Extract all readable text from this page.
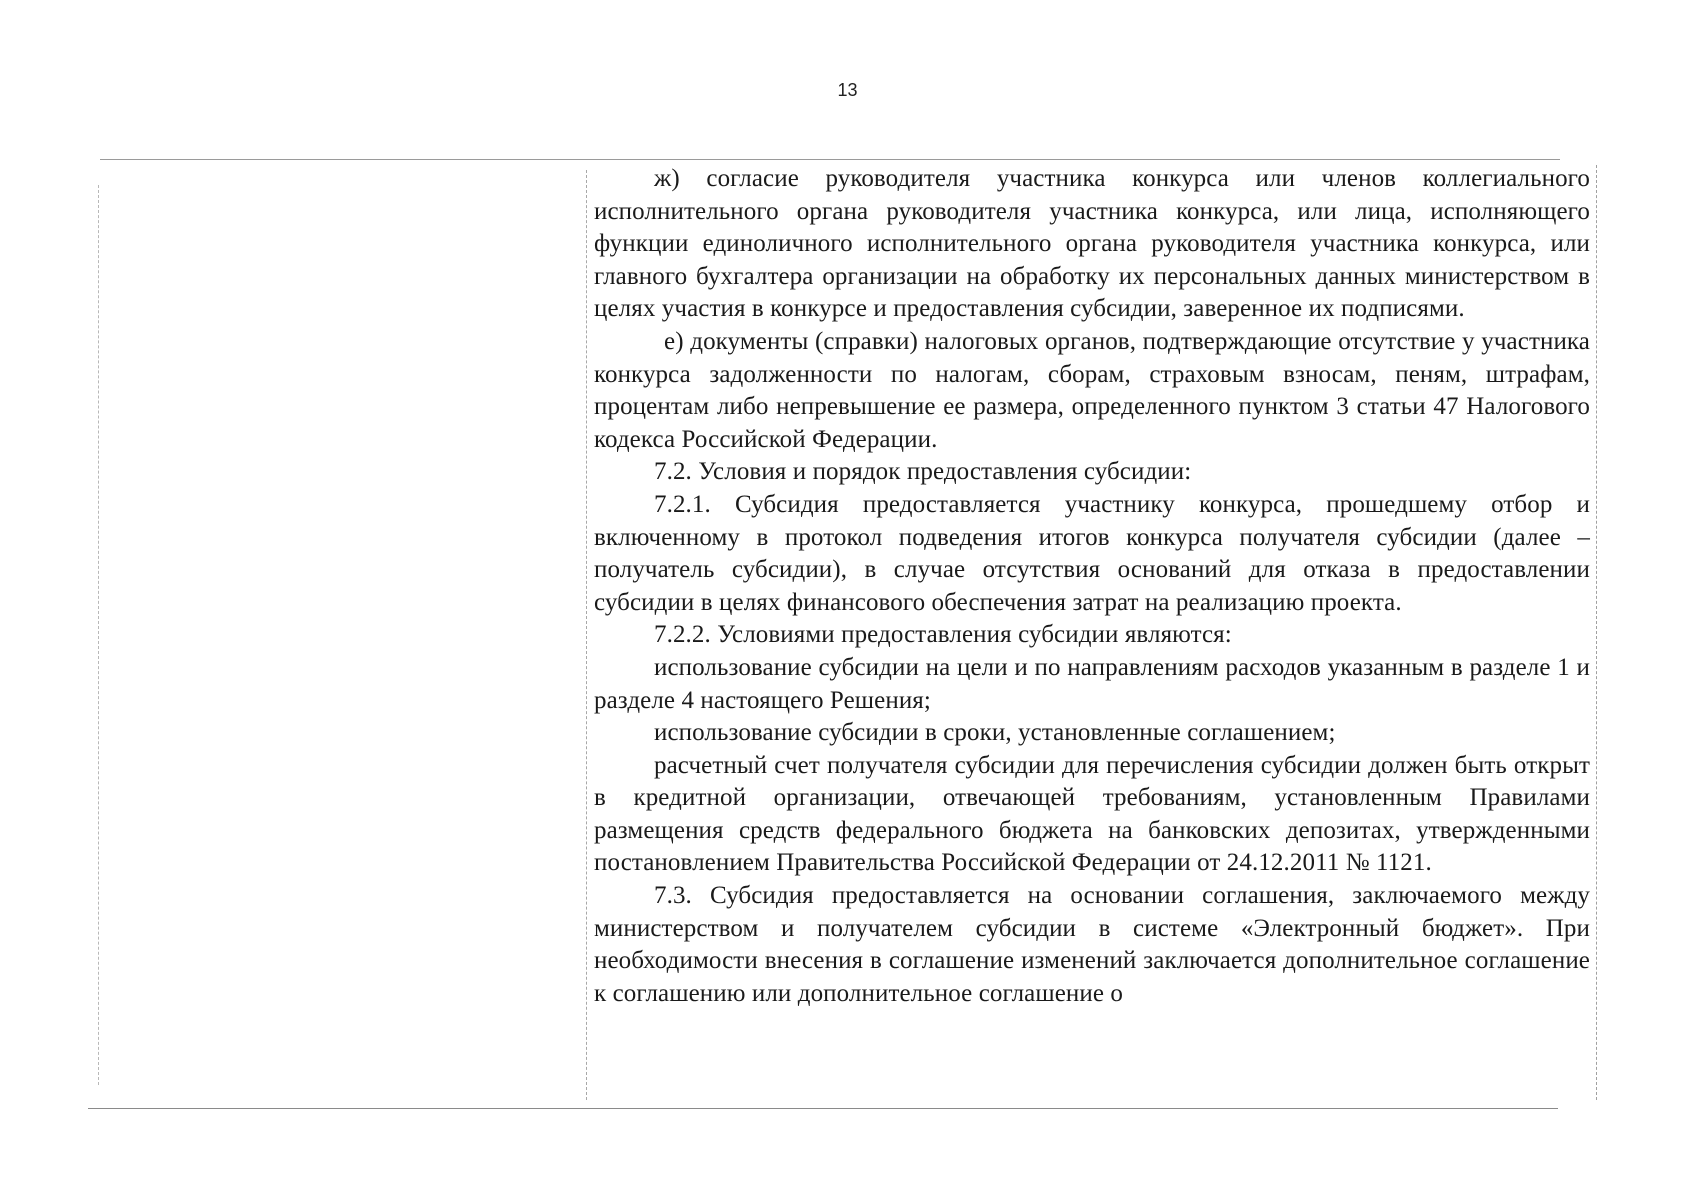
13

ж) согласие руководителя участника конкурса или членов коллегиального исполнительного органа руководителя участника конкурса, или лица, исполняющего функции единоличного исполнительного органа руководителя участника конкурса, или главного бухгалтера организации на обработку их персональных данных министерством в целях участия в конкурсе и предоставления субсидии, заверенное их подписями.

е) документы (справки) налоговых органов, подтверждающие отсутствие у участника конкурса задолженности по налогам, сборам, страховым взносам, пеням, штрафам, процентам либо непревышение ее размера, определенного пунктом 3 статьи 47 Налогового кодекса Российской Федерации.

7.2. Условия и порядок предоставления субсидии:

7.2.1. Субсидия предоставляется участнику конкурса, прошедшему отбор и включенному в протокол подведения итогов конкурса получателя субсидии (далее – получатель субсидии), в случае отсутствия оснований для отказа в предоставлении субсидии в целях финансового обеспечения затрат на реализацию проекта.

7.2.2. Условиями предоставления субсидии являются:

использование субсидии на цели и по направлениям расходов указанным в разделе 1 и разделе 4 настоящего Решения;

использование субсидии в сроки, установленные соглашением;

расчетный счет получателя субсидии для перечисления субсидии должен быть открыт в кредитной организации, отвечающей требованиям, установленным Правилами размещения средств федерального бюджета на банковских депозитах, утвержденными постановлением Правительства Российской Федерации от 24.12.2011 № 1121.

7.3. Субсидия предоставляется на основании соглашения, заключаемого между министерством и получателем субсидии в системе «Электронный бюджет». При необходимости внесения в соглашение изменений заключается дополнительное соглашение к соглашению или дополнительное соглашение о
